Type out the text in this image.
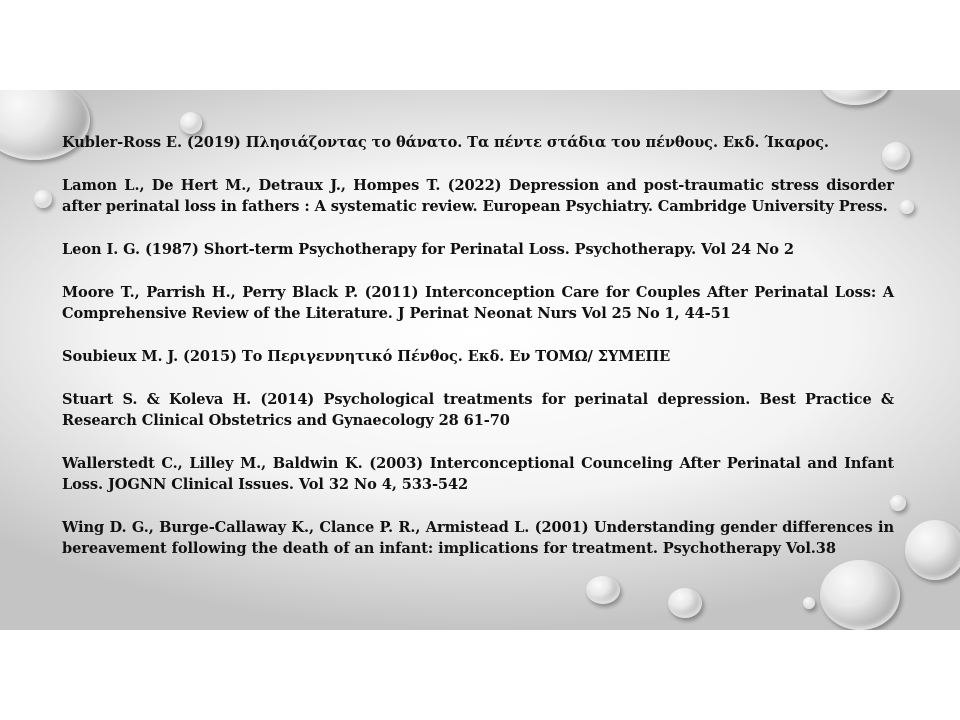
Kubler-Ross E. (2019) Πλησιάζοντας το θάνατο. Τα πέντε στάδια του πένθους. Εκδ. Ίκαρος.

Lamon L., De Hert M., Detraux J., Hompes T. (2022) Depression and post-traumatic stress disorder after perinatal loss in fathers : A systematic review. European Psychiatry. Cambridge University Press.

Leon I. G. (1987) Short-term Psychotherapy for Perinatal Loss. Psychotherapy. Vol 24 No 2

Moore T., Parrish H., Perry Black P. (2011) Interconception Care for Couples After Perinatal Loss: A Comprehensive Review of the Literature. J Perinat Neonat Nurs Vol 25 No 1, 44-51

Soubieux M. J. (2015) Το Περιγεννητικό Πένθος. Εκδ. Εν ΤΟΜΩ/ ΣΥΜΕΠΕ

Stuart S. & Koleva H. (2014) Psychological treatments for perinatal depression. Best Practice & Research Clinical Obstetrics and Gynaecology 28 61-70

Wallerstedt C., Lilley M., Baldwin K. (2003) Interconceptional Counceling After Perinatal and Infant Loss. JOGNN Clinical Issues. Vol 32 No 4, 533-542

Wing D. G., Burge-Callaway K., Clance P. R., Armistead L. (2001) Understanding gender differences in bereavement following the death of an infant: implications for treatment. Psychotherapy Vol.38
